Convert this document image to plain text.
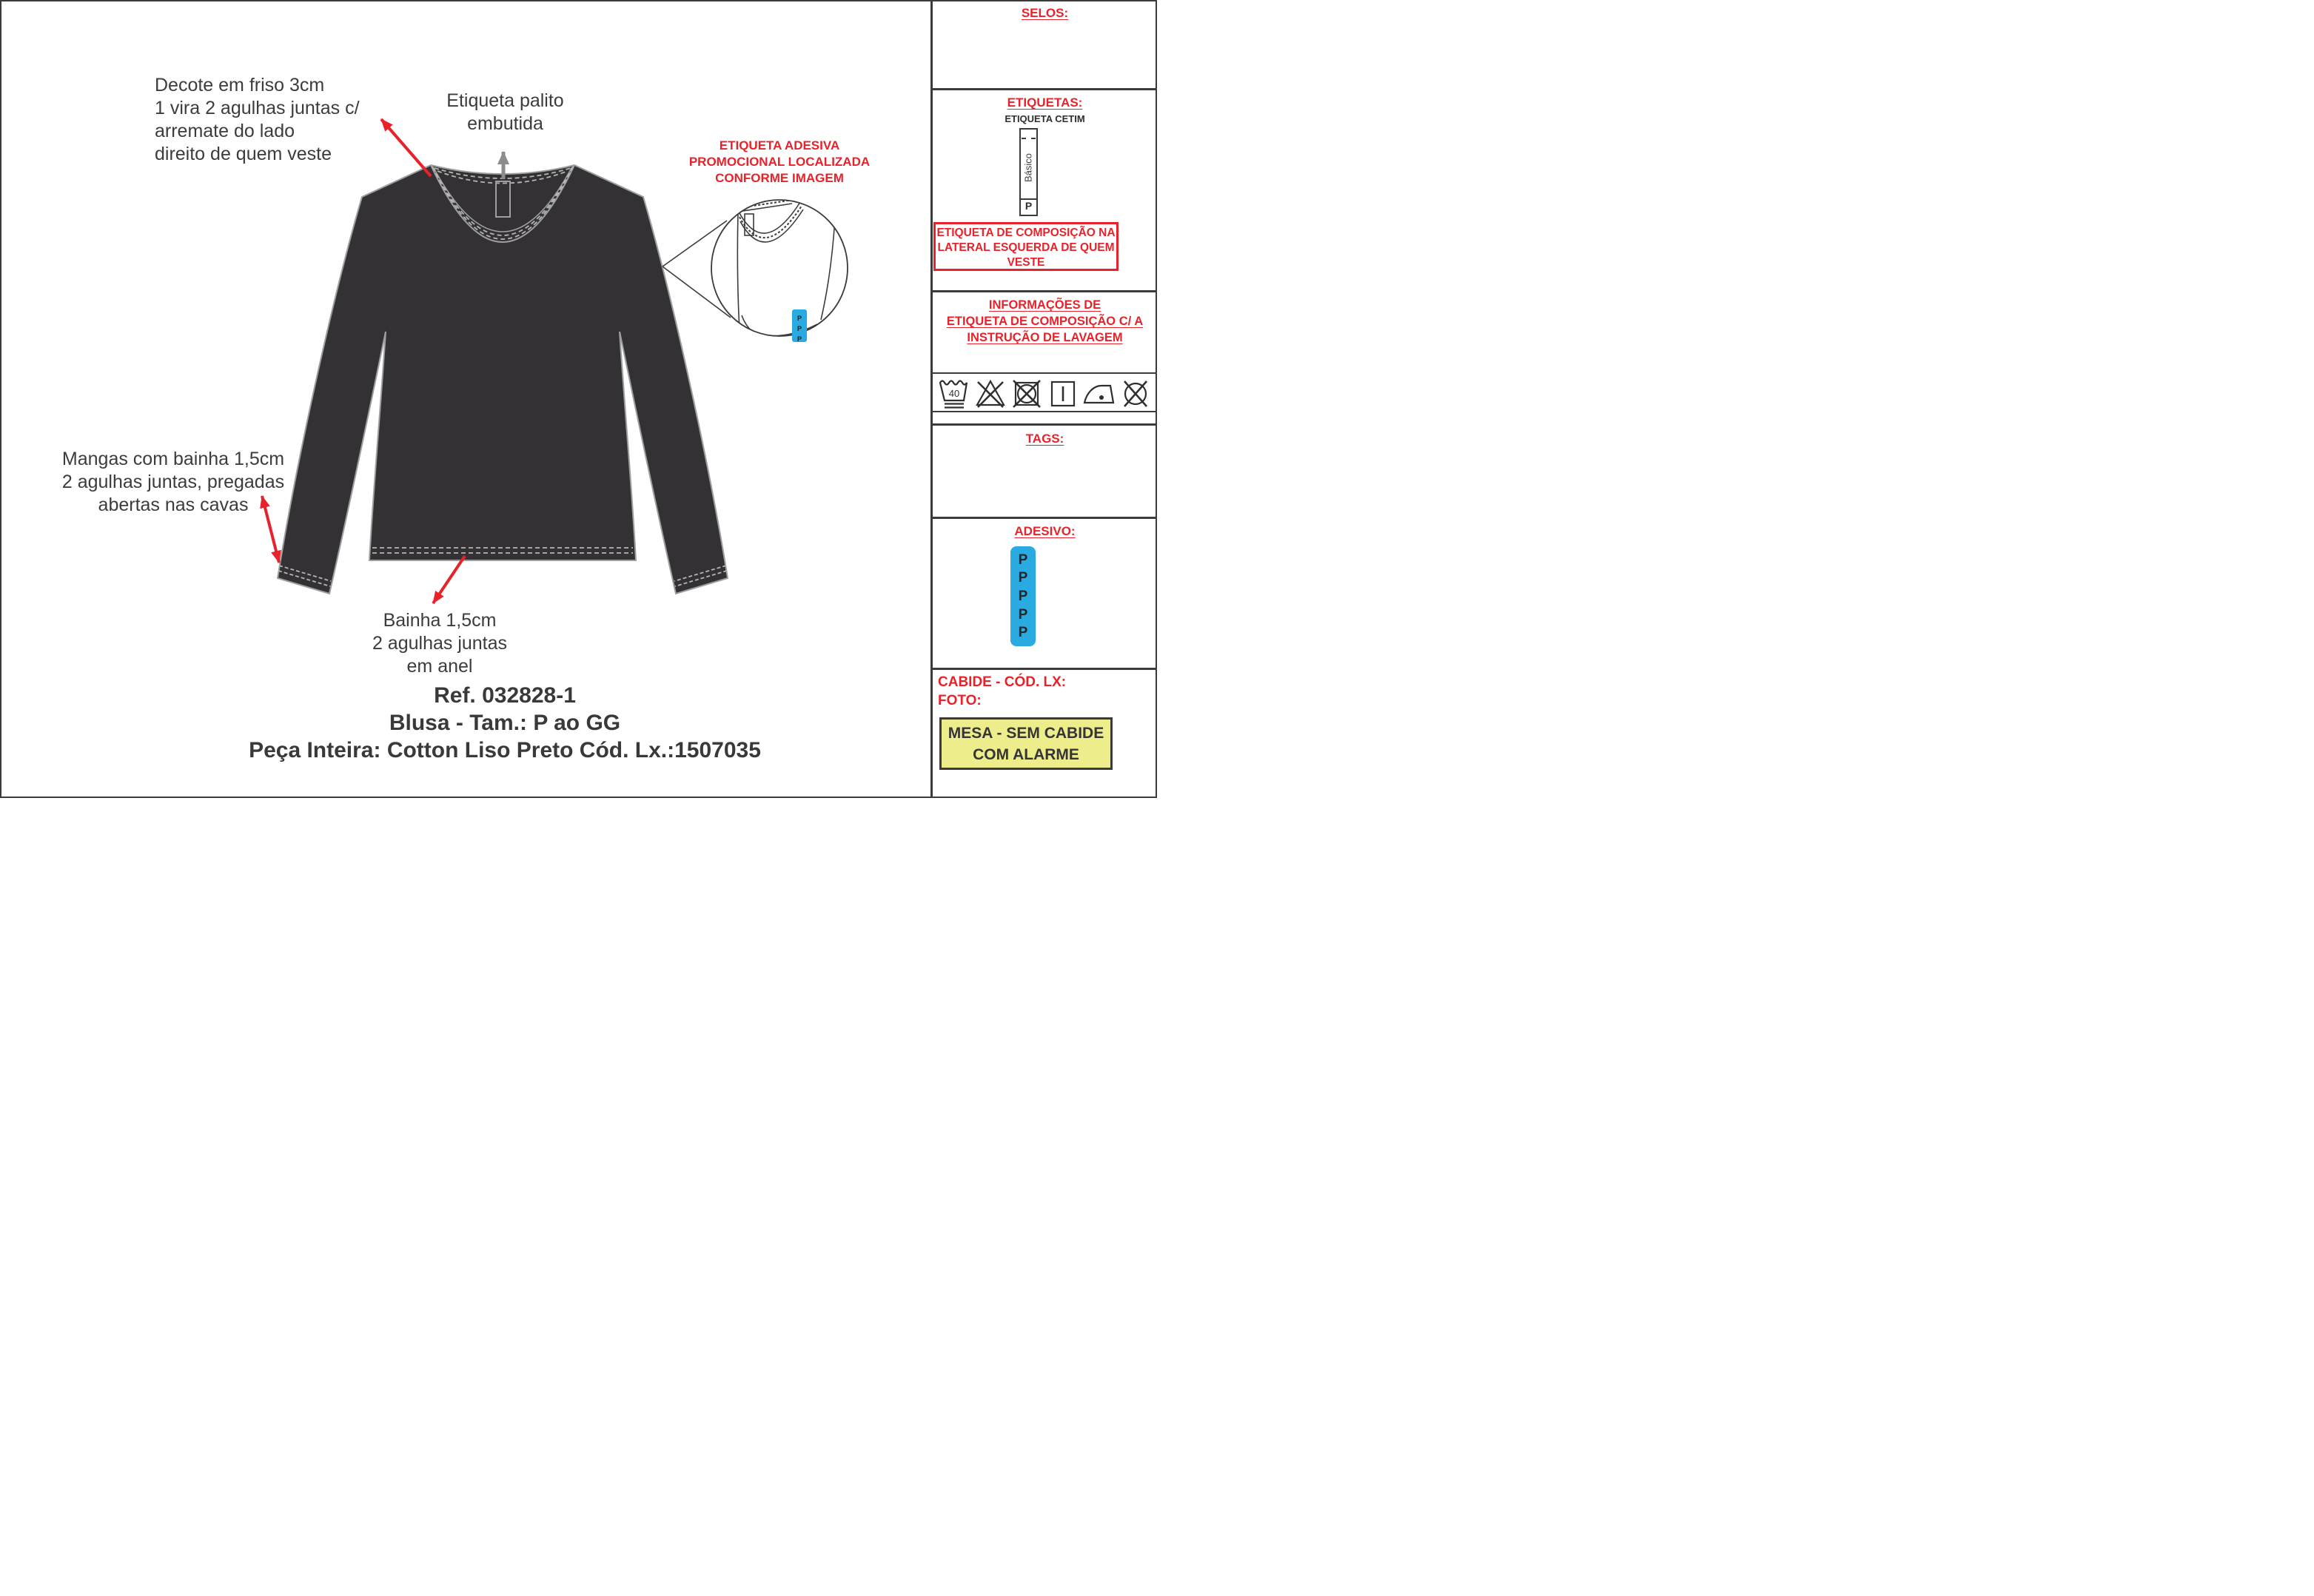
P
P
P
Decote em friso 3cm
1 vira 2 agulhas juntas c/
arremate do lado
direito de quem veste
Etiqueta palito
embutida
ETIQUETA ADESIVA
PROMOCIONAL LOCALIZADA
CONFORME IMAGEM
Mangas com bainha 1,5cm
2 agulhas juntas, pregadas
abertas nas cavas
Bainha 1,5cm
2 agulhas juntas
em anel
Ref. 032828-1
Blusa - Tam.: P ao GG
Peça Inteira: Cotton Liso Preto Cód. Lx.:1507035
SELOS:
ETIQUETAS:
ETIQUETA CETIM
Básico
P
ETIQUETA DE COMPOSIÇÃO NA
LATERAL ESQUERDA DE QUEM
VESTE
INFORMAÇÕES DE
ETIQUETA DE COMPOSIÇÃO C/ A
INSTRUÇÃO DE LAVAGEM
40
TAGS:
ADESIVO:
P
P
P
P
P
CABIDE - CÓD. LX:
FOTO:
MESA - SEM CABIDE
COM ALARME
